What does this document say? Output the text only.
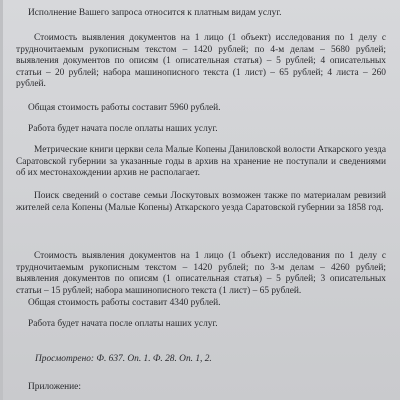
Исполнение Вашего запроса относится к платным видам услуг.

Стоимость выявления документов на 1 лицо (1 объект) исследования по 1 делу с трудночитаемым рукописным текстом – 1420 рублей; по 4-м делам – 5680 рублей; выявления документов по описям (1 описательная статья) – 5 рублей; 4 описательных статьи – 20 рублей; набора машинописного текста (1 лист) – 65 рублей; 4 листа – 260 рублей.

Общая стоимость работы составит 5960 рублей.

Работа будет начата после оплаты наших услуг.

Метрические книги церкви села Малые Копены Даниловской волости Аткарского уезда Саратовской губернии за указанные годы в архив на хранение не поступали и сведениями об их местонахождении архив не располагает.

Поиск сведений о составе семьи Лоскутовых возможен также по материалам ревизий жителей села Копены (Малые Копены) Аткарского уезда Саратовской губернии за 1858 год.

Стоимость выявления документов на 1 лицо (1 объект) исследования по 1 делу с трудночитаемым рукописным текстом – 1420 рублей; по 3-м делам – 4260 рублей; выявления документов по описям (1 описательная статья) – 5 рублей; 3 описательных статьи – 15 рублей; набора машинописного текста (1 лист) – 65 рублей.

Общая стоимость работы составит 4340 рублей.

Работа будет начата после оплаты наших услуг.

Просмотрено: Ф. 637. Оп. 1. Ф. 28. Оп. 1, 2.

Приложение:
